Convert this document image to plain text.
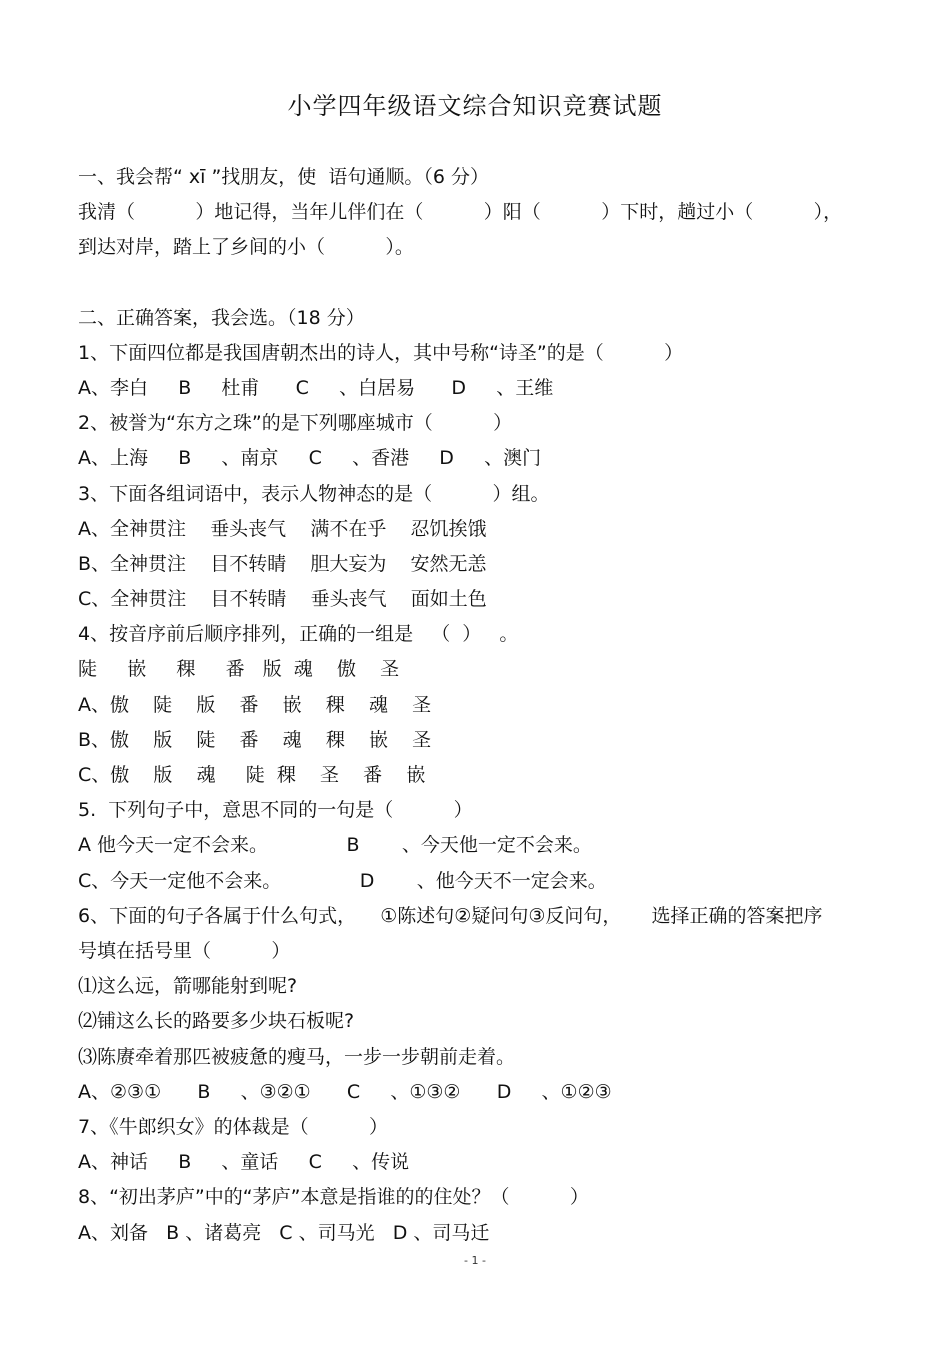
小学四年级语文综合知识竞赛试题

一、我会帮“ xī ”找朋友，使  语句通顺。（6 分）

我清（          ）地记得，当年儿伴们在（          ）阳（          ）下时，趟过小（          ），

到达对岸，踏上了乡间的小（          ）。

二、正确答案，我会选。（18 分）

1、下面四位都是我国唐朝杰出的诗人，其中号称“诗圣”的是（          ）

A、李白     B     杜甫      C     、白居易      D     、王维

2、被誉为“东方之珠”的是下列哪座城市（          ）

A、上海     B     、南京     C     、香港     D     、澳门

3、下面各组词语中，表示人物神态的是（          ）组。

A、全神贯注    垂头丧气    满不在乎    忍饥挨饿

B、全神贯注    目不转睛    胆大妄为    安然无恙

C、全神贯注    目不转睛    垂头丧气    面如土色

4、按音序前后顺序排列，正确的一组是   （  ）   。

陡     嵌     稞     番   版  魂    傲    圣

A、傲    陡    版    番    嵌    稞    魂    圣

B、傲    版    陡    番    魂    稞    嵌    圣

C、傲    版    魂     陡  稞    圣    番    嵌

5.  下列句子中，意思不同的一句是（          ）

A 他今天一定不会来。             B       、今天他一定不会来。

C、今天一定他不会来。             D       、他今天不一定会来。

6、下面的句子各属于什么句式，    ①陈述句②疑问句③反问句，     选择正确的答案把序

号填在括号里（          ）

⑴这么远，箭哪能射到呢?

⑵铺这么长的路要多少块石板呢?

⑶陈赓牵着那匹被疲惫的瘦马，一步一步朝前走着。

A、②③①      B     、③②①      C     、①③②      D     、①②③

7、《牛郎织女》的体裁是（          ）

A、神话     B     、童话     C     、传说

8、“初出茅庐”中的“茅庐”本意是指谁的的住处？（          ）

A、刘备   B 、诸葛亮   C 、司马光   D 、司马迁

- 1 -
